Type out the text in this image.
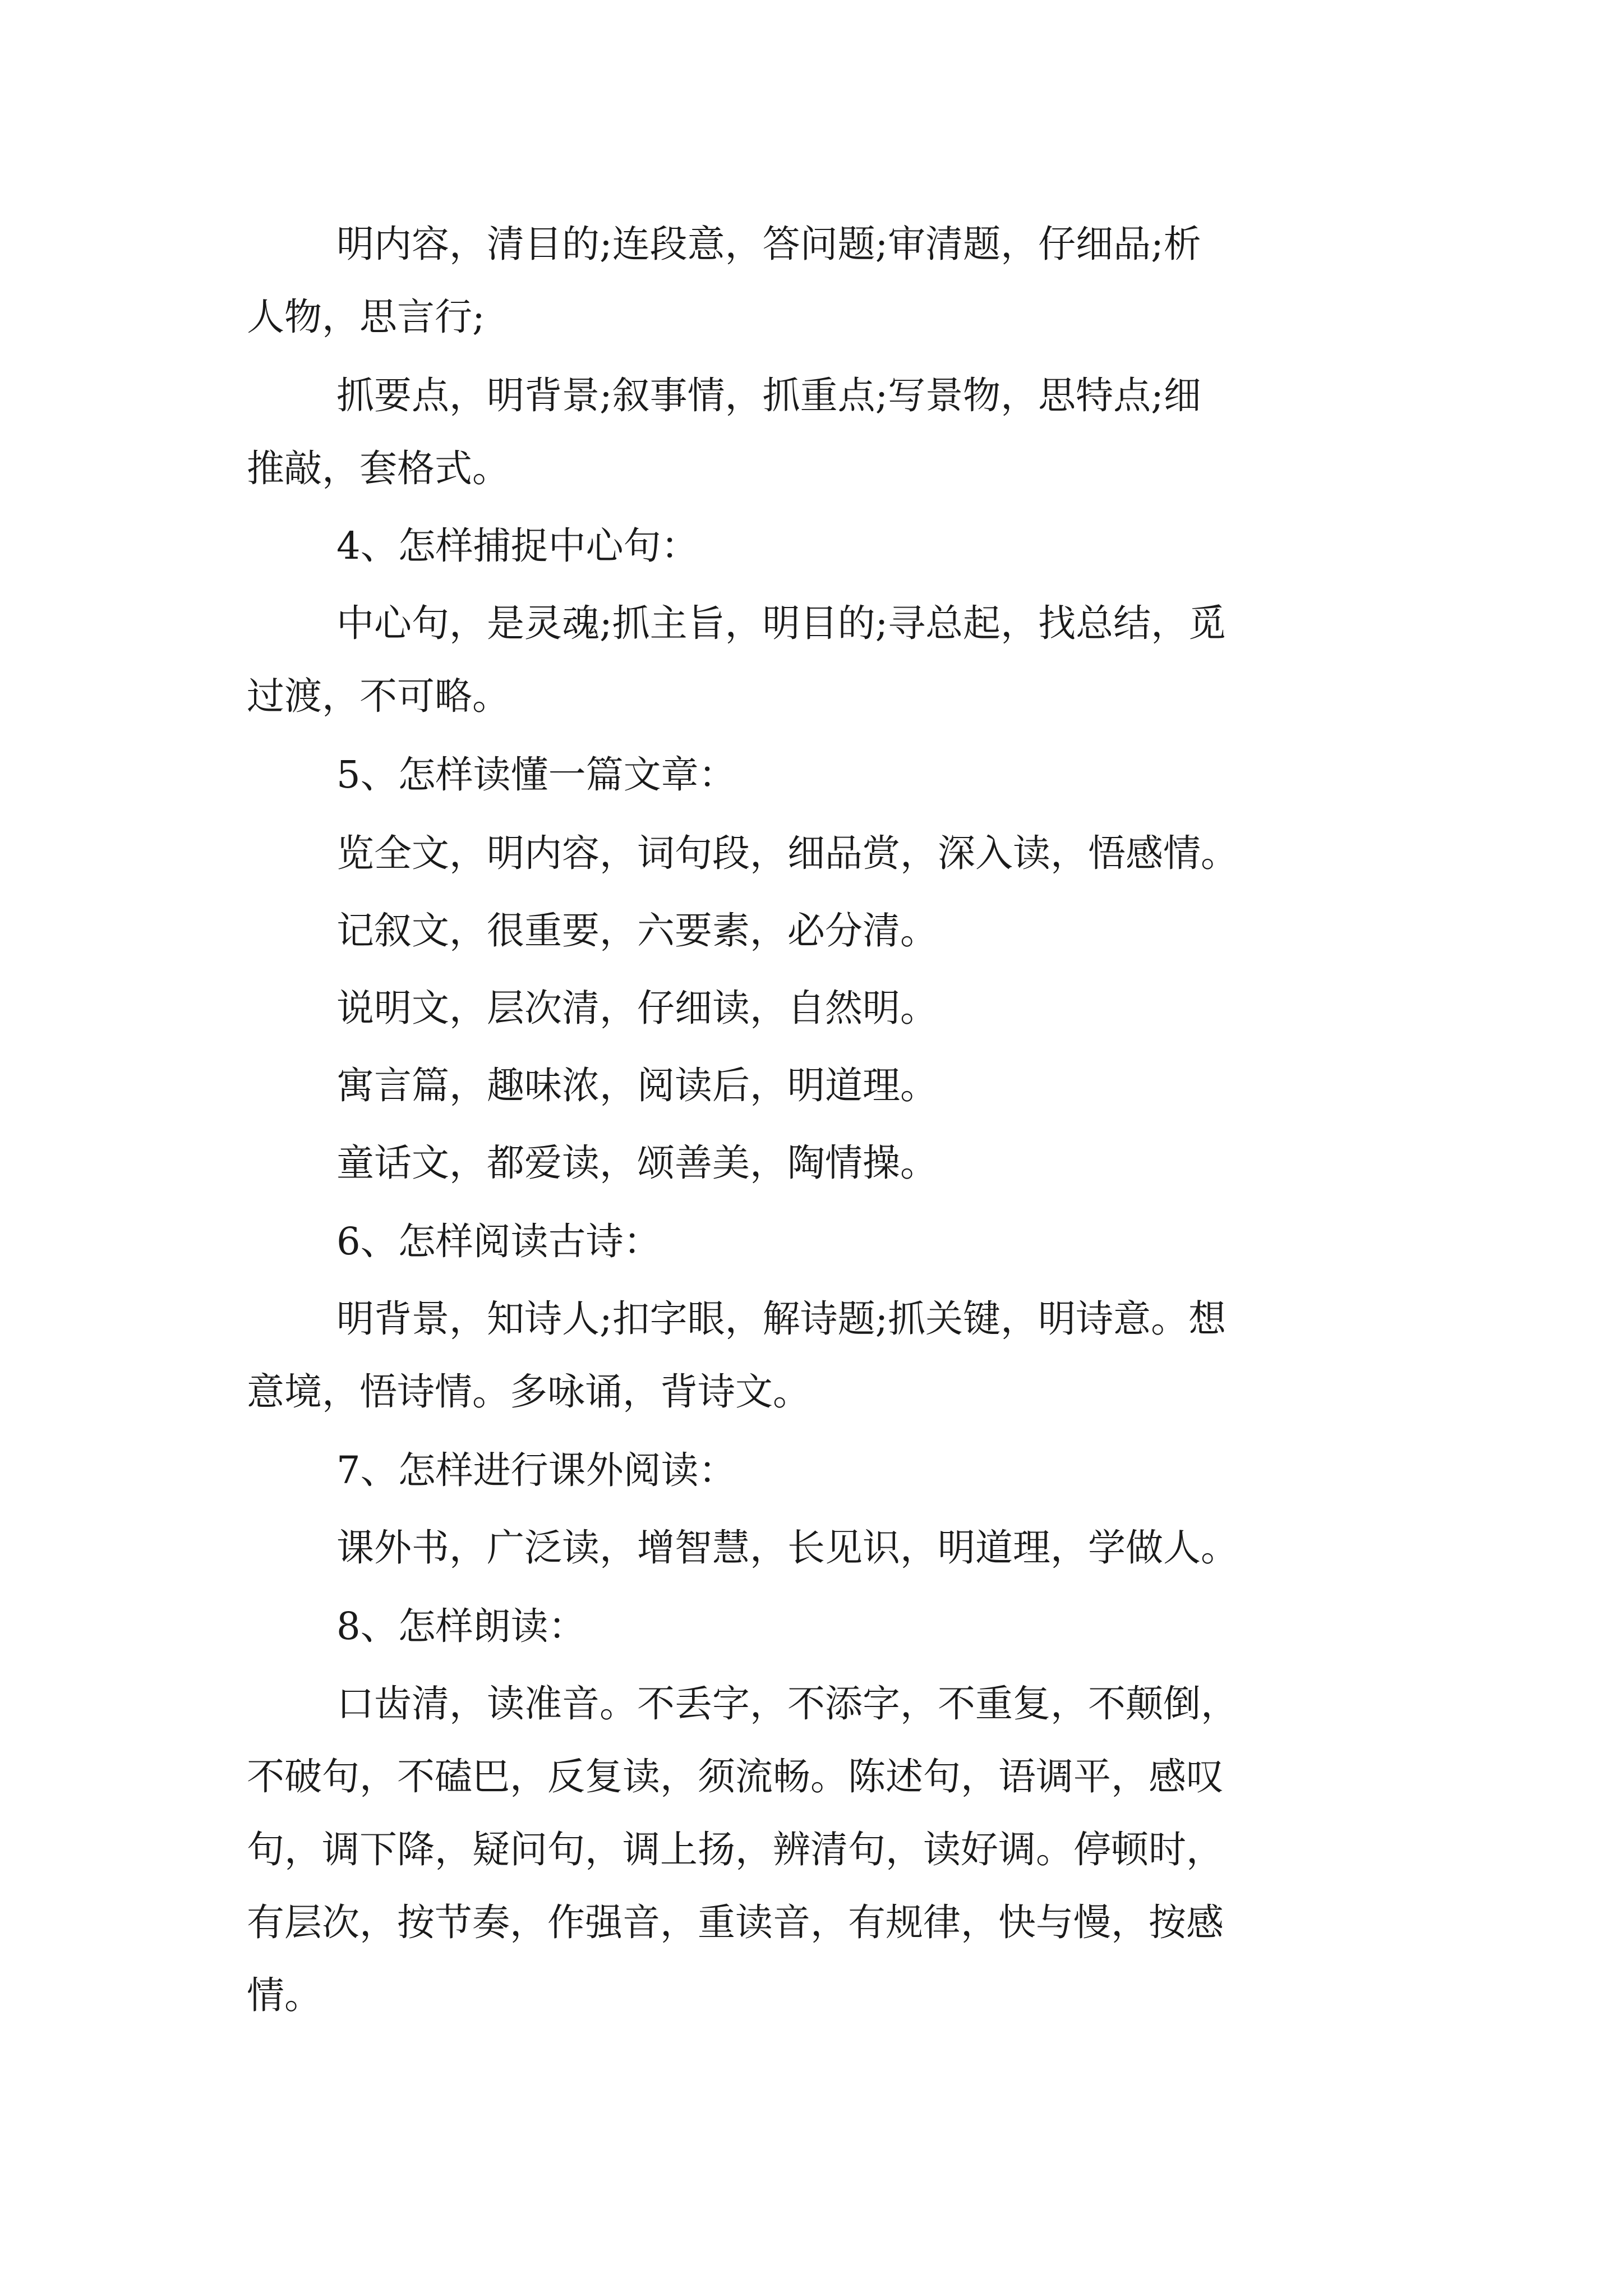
明内容，清目的;连段意，答问题;审清题，仔细品;析
人物，思言行;
抓要点，明背景;叙事情，抓重点;写景物，思特点;细
推敲，套格式。
4、怎样捕捉中心句：
中心句，是灵魂;抓主旨，明目的;寻总起，找总结，觅
过渡，不可略。
5、怎样读懂一篇文章：
览全文，明内容，词句段，细品赏，深入读，悟感情。
记叙文，很重要，六要素，必分清。
说明文，层次清，仔细读，自然明。
寓言篇，趣味浓，阅读后，明道理。
童话文，都爱读，颂善美，陶情操。
6、怎样阅读古诗：
明背景，知诗人;扣字眼，解诗题;抓关键，明诗意。想
意境，悟诗情。多咏诵，背诗文。
7、怎样进行课外阅读：
课外书，广泛读，增智慧，长见识，明道理，学做人。
8、怎样朗读：
口齿清，读准音。不丢字，不添字，不重复，不颠倒，
不破句，不磕巴，反复读，须流畅。陈述句，语调平，感叹
句，调下降，疑问句，调上扬，辨清句，读好调。停顿时，
有层次，按节奏，作强音，重读音，有规律，快与慢，按感
情。
